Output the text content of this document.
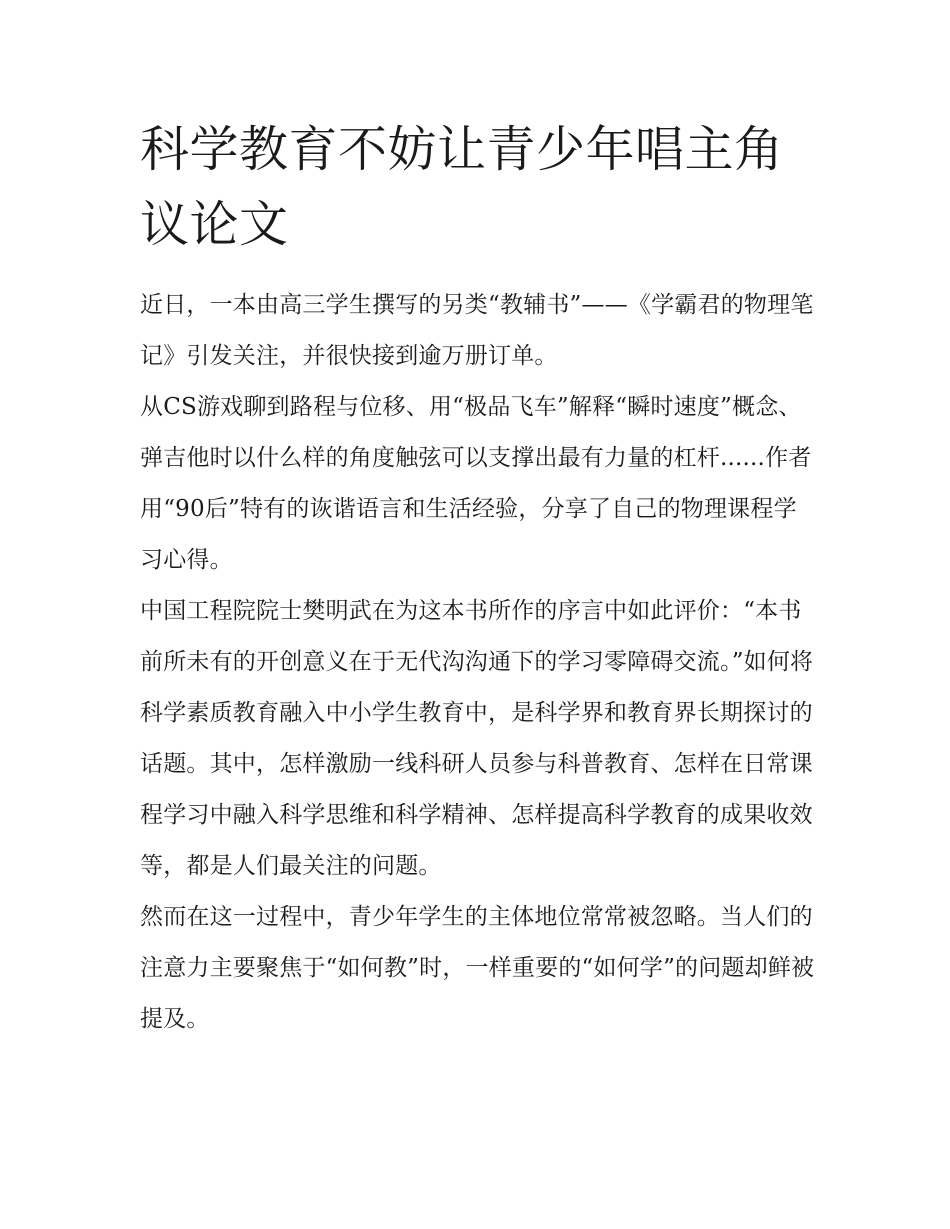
科学教育不妨让青少年唱主角议论文

近日，一本由高三学生撰写的另类“教辅书”——《学霸君的物理笔记》引发关注，并很快接到逾万册订单。

从CS游戏聊到路程与位移、用“极品飞车”解释“瞬时速度”概念、弹吉他时以什么样的角度触弦可以支撑出最有力量的杠杆......作者用“90后”特有的诙谐语言和生活经验，分享了自己的物理课程学习心得。

中国工程院院士樊明武在为这本书所作的序言中如此评价：“本书前所未有的开创意义在于无代沟沟通下的学习零障碍交流。”如何将科学素质教育融入中小学生教育中，是科学界和教育界长期探讨的话题。其中，怎样激励一线科研人员参与科普教育、怎样在日常课程学习中融入科学思维和科学精神、怎样提高科学教育的成果收效等，都是人们最关注的问题。

然而在这一过程中，青少年学生的主体地位常常被忽略。当人们的注意力主要聚焦于“如何教”时，一样重要的“如何学”的问题却鲜被提及。
